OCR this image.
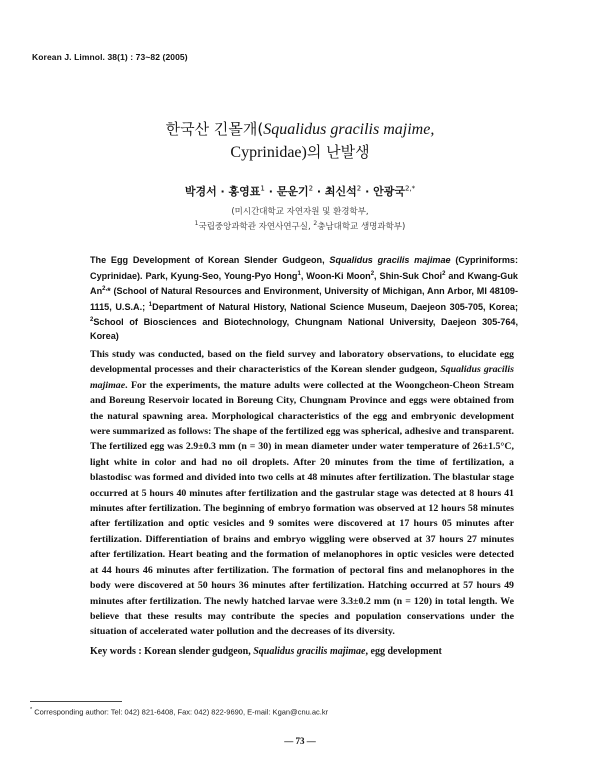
Korean J. Limnol. 38(1) : 73~82 (2005)
한국산 긴몰개(Squalidus gracilis majime,
Cyprinidae)의 난발생
박경서 · 홍영표$^1$ · 문운기$^2$ · 최신석$^2$ · 안광국$^{2,*}$
(미시간대학교 자연자원 및 환경학부,
$^1$국립중앙과학관 자연사연구실, $^2$충남대학교 생명과학부)
The Egg Development of Korean Slender Gudgeon, Squalidus gracilis majimae (Cypriniforms: Cyprinidae). Park, Kyung-Seo, Young-Pyo Hong$^1$, Woon-Ki Moon$^2$, Shin-Suk Choi$^2$ and Kwang-Guk $An^{2,}*$ (School of Natural Resources and Environment, University of Michigan, Ann Arbor, MI 48109-1115, U.S.A.; $^1$Department of Natural History, National Science Museum, Daejeon 305-705, Korea; $^2$School of Biosciences and Biotechnology, Chungnam National University, Daejeon 305-764, Korea)
This study was conducted, based on the field survey and laboratory observations, to elucidate egg developmental processes and their characteristics of the Korean slender gudgeon, Squalidus gracilis majimae. For the experiments, the mature adults were collected at the Woongcheon-Cheon Stream and Boreung Reservoir located in Boreung City, Chungnam Province and eggs were obtained from the natural spawning area. Morphological characteristics of the egg and embryonic development were summarized as follows: The shape of the fertilized egg was spherical, adhesive and transparent. The fertilized egg was 2.9±0.3 mm (n = 30) in mean diameter under water temperature of 26±1.5°C, light white in color and had no oil droplets. After 20 minutes from the time of fertilization, a blastodisc was formed and divided into two cells at 48 minutes after fertilization. The blastular stage occurred at 5 hours 40 minutes after fertilization and the gastrular stage was detected at 8 hours 41 minutes after fertilization. The beginning of embryo formation was observed at 12 hours 58 minutes after fertilization and optic vesicles and 9 somites were discovered at 17 hours 05 minutes after fertilization. Differentiation of brains and embryo wiggling were observed at 37 hours 27 minutes after fertilization. Heart beating and the formation of melanophores in optic vesicles were detected at 44 hours 46 minutes after fertilization. The formation of pectoral fins and melanophores in the body were discovered at 50 hours 36 minutes after fertilization. Hatching occurred at 57 hours 49 minutes after fertilization. The newly hatched larvae were 3.3±0.2 mm (n = 120) in total length. We believe that these results may contribute the species and population conservations under the situation of accelerated water pollution and the decreases of its diversity.
Key words : Korean slender gudgeon, Squalidus gracilis majimae, egg development
* Corresponding author: Tel: 042) 821-6408, Fax: 042) 822-9690, E-mail: Kgan@cnu.ac.kr
— 73 —
